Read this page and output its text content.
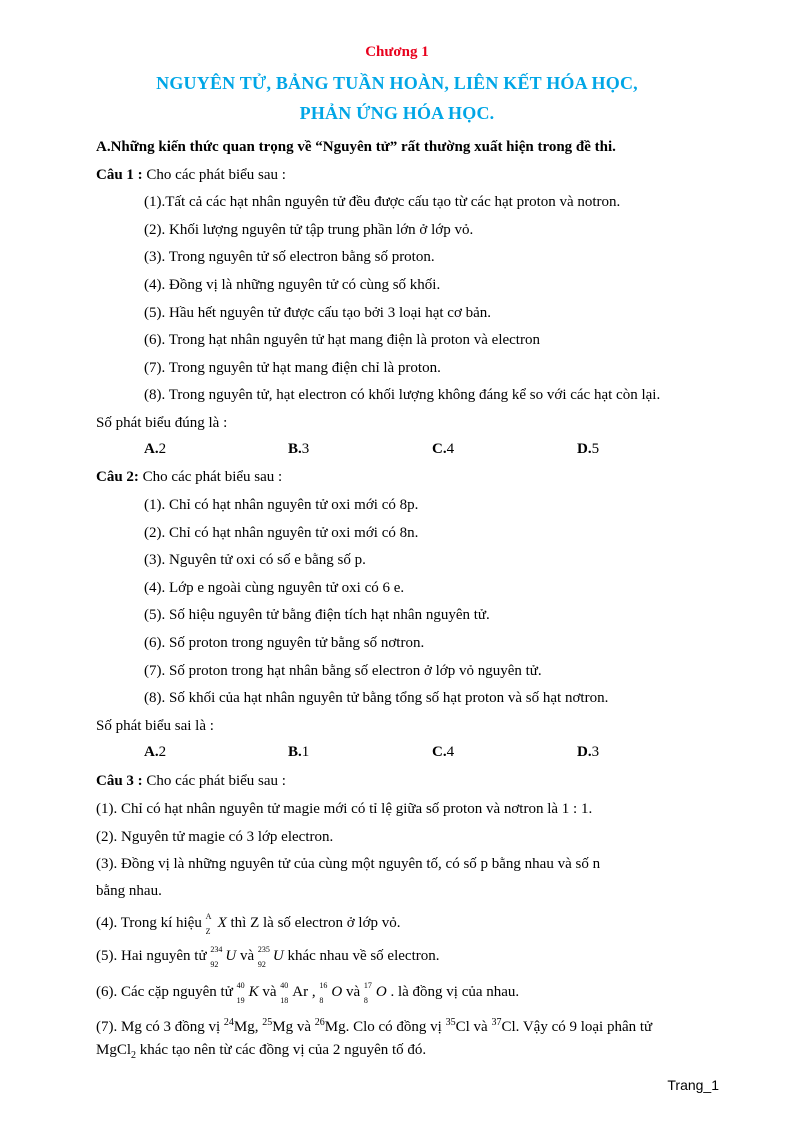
Chương 1
NGUYÊN TỬ, BẢNG TUẦN HOÀN, LIÊN KẾT HÓA HỌC,
PHẢN ỨNG HÓA HỌC.
A.Những kiến thức quan trọng về “Nguyên tử” rất thường xuất hiện trong đề thi.
Câu 1 : Cho các phát biểu sau :
(1).Tất cả các hạt nhân nguyên tử đều được cấu tạo từ các hạt proton và notron.
(2). Khối lượng nguyên tử tập trung phần lớn ở lớp vỏ.
(3). Trong nguyên tử số electron bằng số proton.
(4). Đồng vị là những nguyên tử có cùng số khối.
(5). Hầu hết nguyên tử được cấu tạo bởi 3 loại hạt cơ bản.
(6). Trong hạt nhân nguyên tử hạt mang điện là proton và electron
(7). Trong nguyên tử hạt mang điện chỉ là proton.
(8). Trong nguyên tử, hạt electron có khối lượng không đáng kể so với các hạt còn lại.
Số phát biểu đúng là :
A.2	B.3	C.4	D.5
Câu 2: Cho các phát biểu sau :
(1). Chỉ có hạt nhân nguyên tử oxi mới có 8p.
(2). Chỉ có hạt nhân nguyên tử oxi mới có 8n.
(3). Nguyên tử oxi có số e bằng số p.
(4). Lớp e ngoài cùng nguyên tử oxi có 6 e.
(5). Số hiệu nguyên tử bằng điện tích hạt nhân nguyên tử.
(6). Số proton trong nguyên tử bằng số nơtron.
(7). Số proton trong hạt nhân bằng số electron ở lớp vỏ nguyên tử.
(8). Số khối của hạt nhân nguyên tử bằng tổng số hạt proton và số hạt nơtron.
Số phát biểu sai là :
A.2	B.1	C.4	D.3
Câu 3 : Cho các phát biểu sau :
(1). Chỉ có hạt nhân nguyên tử magie mới có tỉ lệ giữa số proton và nơtron là 1 : 1.
(2). Nguyên tử magie có 3 lớp electron.
(3). Đồng vị là những nguyên tử của cùng một nguyên tố, có số p bằng nhau và số n
bằng nhau.
(4). Trong kí hiệu A
Z
X thì Z là số electron ở lớp vỏ.
(5). Hai nguyên tử 234
92
U và 235
92
U khác nhau về số electron.
(6). Các cặp nguyên tử 40
19
K và 40
18
Ar , 16
8
O và 17
8
O . là đồng vị của nhau.
(7). Mg có 3 đồng vị $^{24}$Mg, $^{25}$Mg và $^{26}$Mg. Clo có đồng vị $^{35}$Cl và $^{37}$Cl. Vậy có 9 loại phân tử
MgCl$_2$ khác tạo nên từ các đồng vị của 2 nguyên tố đó.
Trang_1
